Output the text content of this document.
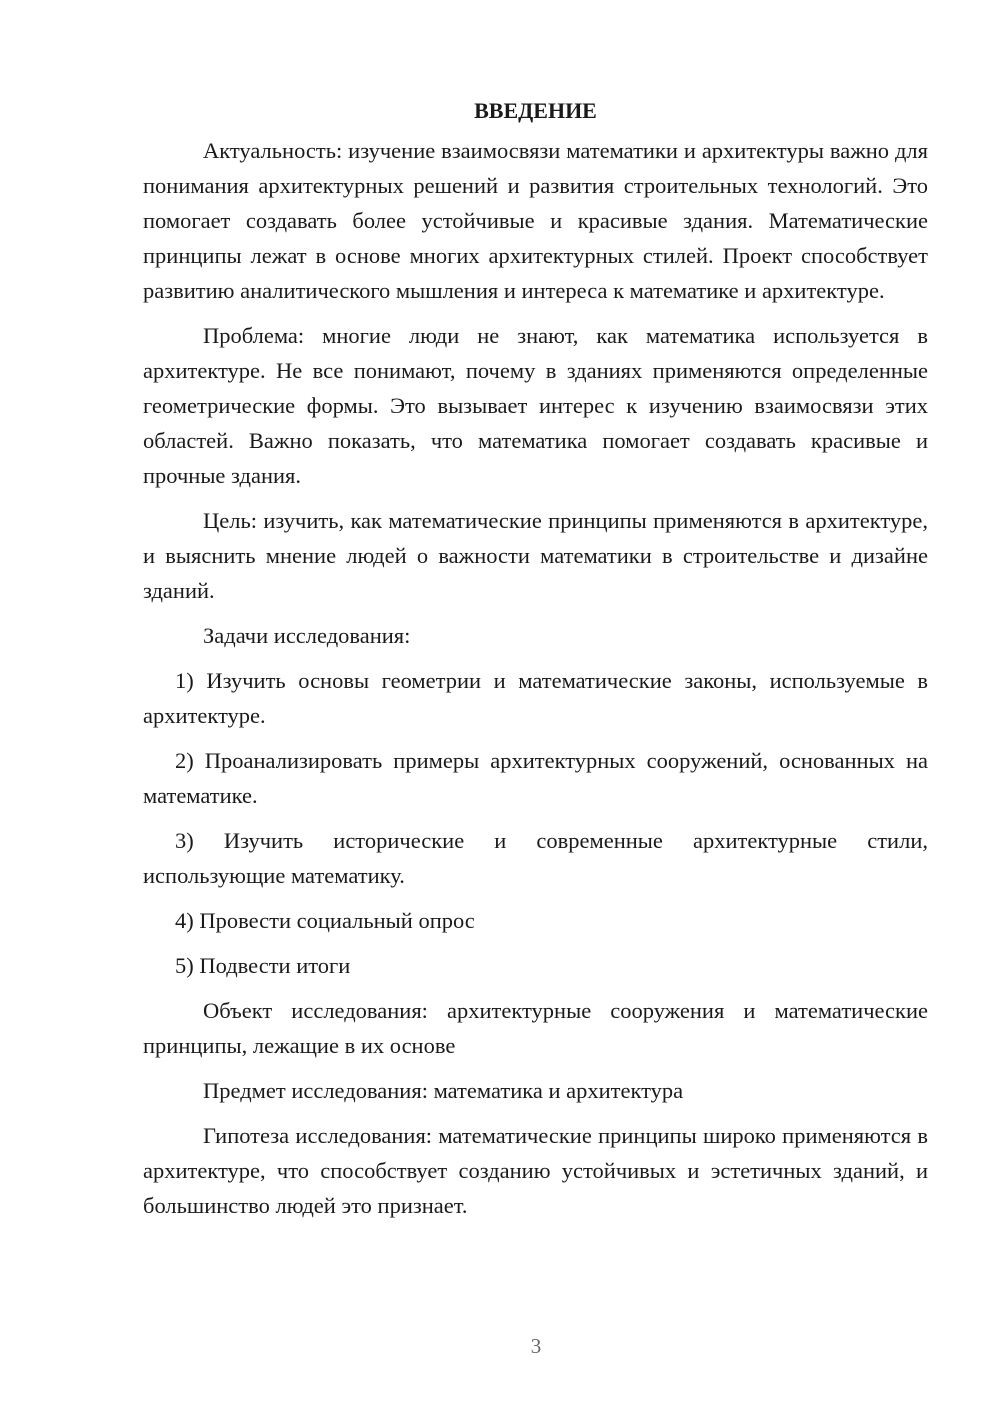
ВВЕДЕНИЕ

Актуальность: изучение взаимосвязи математики и архитектуры важно для понимания архитектурных решений и развития строительных технологий. Это помогает создавать более устойчивые и красивые здания. Математические принципы лежат в основе многих архитектурных стилей. Проект способствует развитию аналитического мышления и интереса к математике и архитектуре.

Проблема: многие люди не знают, как математика используется в архитектуре. Не все понимают, почему в зданиях применяются определенные геометрические формы. Это вызывает интерес к изучению взаимосвязи этих областей. Важно показать, что математика помогает создавать красивые и прочные здания.

Цель: изучить, как математические принципы применяются в архитектуре, и выяснить мнение людей о важности математики в строительстве и дизайне зданий.

Задачи исследования:

1) Изучить основы геометрии и математические законы, используемые в архитектуре.

2) Проанализировать примеры архитектурных сооружений, основанных на математике.

3) Изучить исторические и современные архитектурные стили, использующие математику.

4) Провести социальный опрос

5) Подвести итоги

Объект исследования: архитектурные сооружения и математические принципы, лежащие в их основе

Предмет исследования: математика и архитектура

Гипотеза исследования: математические принципы широко применяются в архитектуре, что способствует созданию устойчивых и эстетичных зданий, и большинство людей это признает.

3
